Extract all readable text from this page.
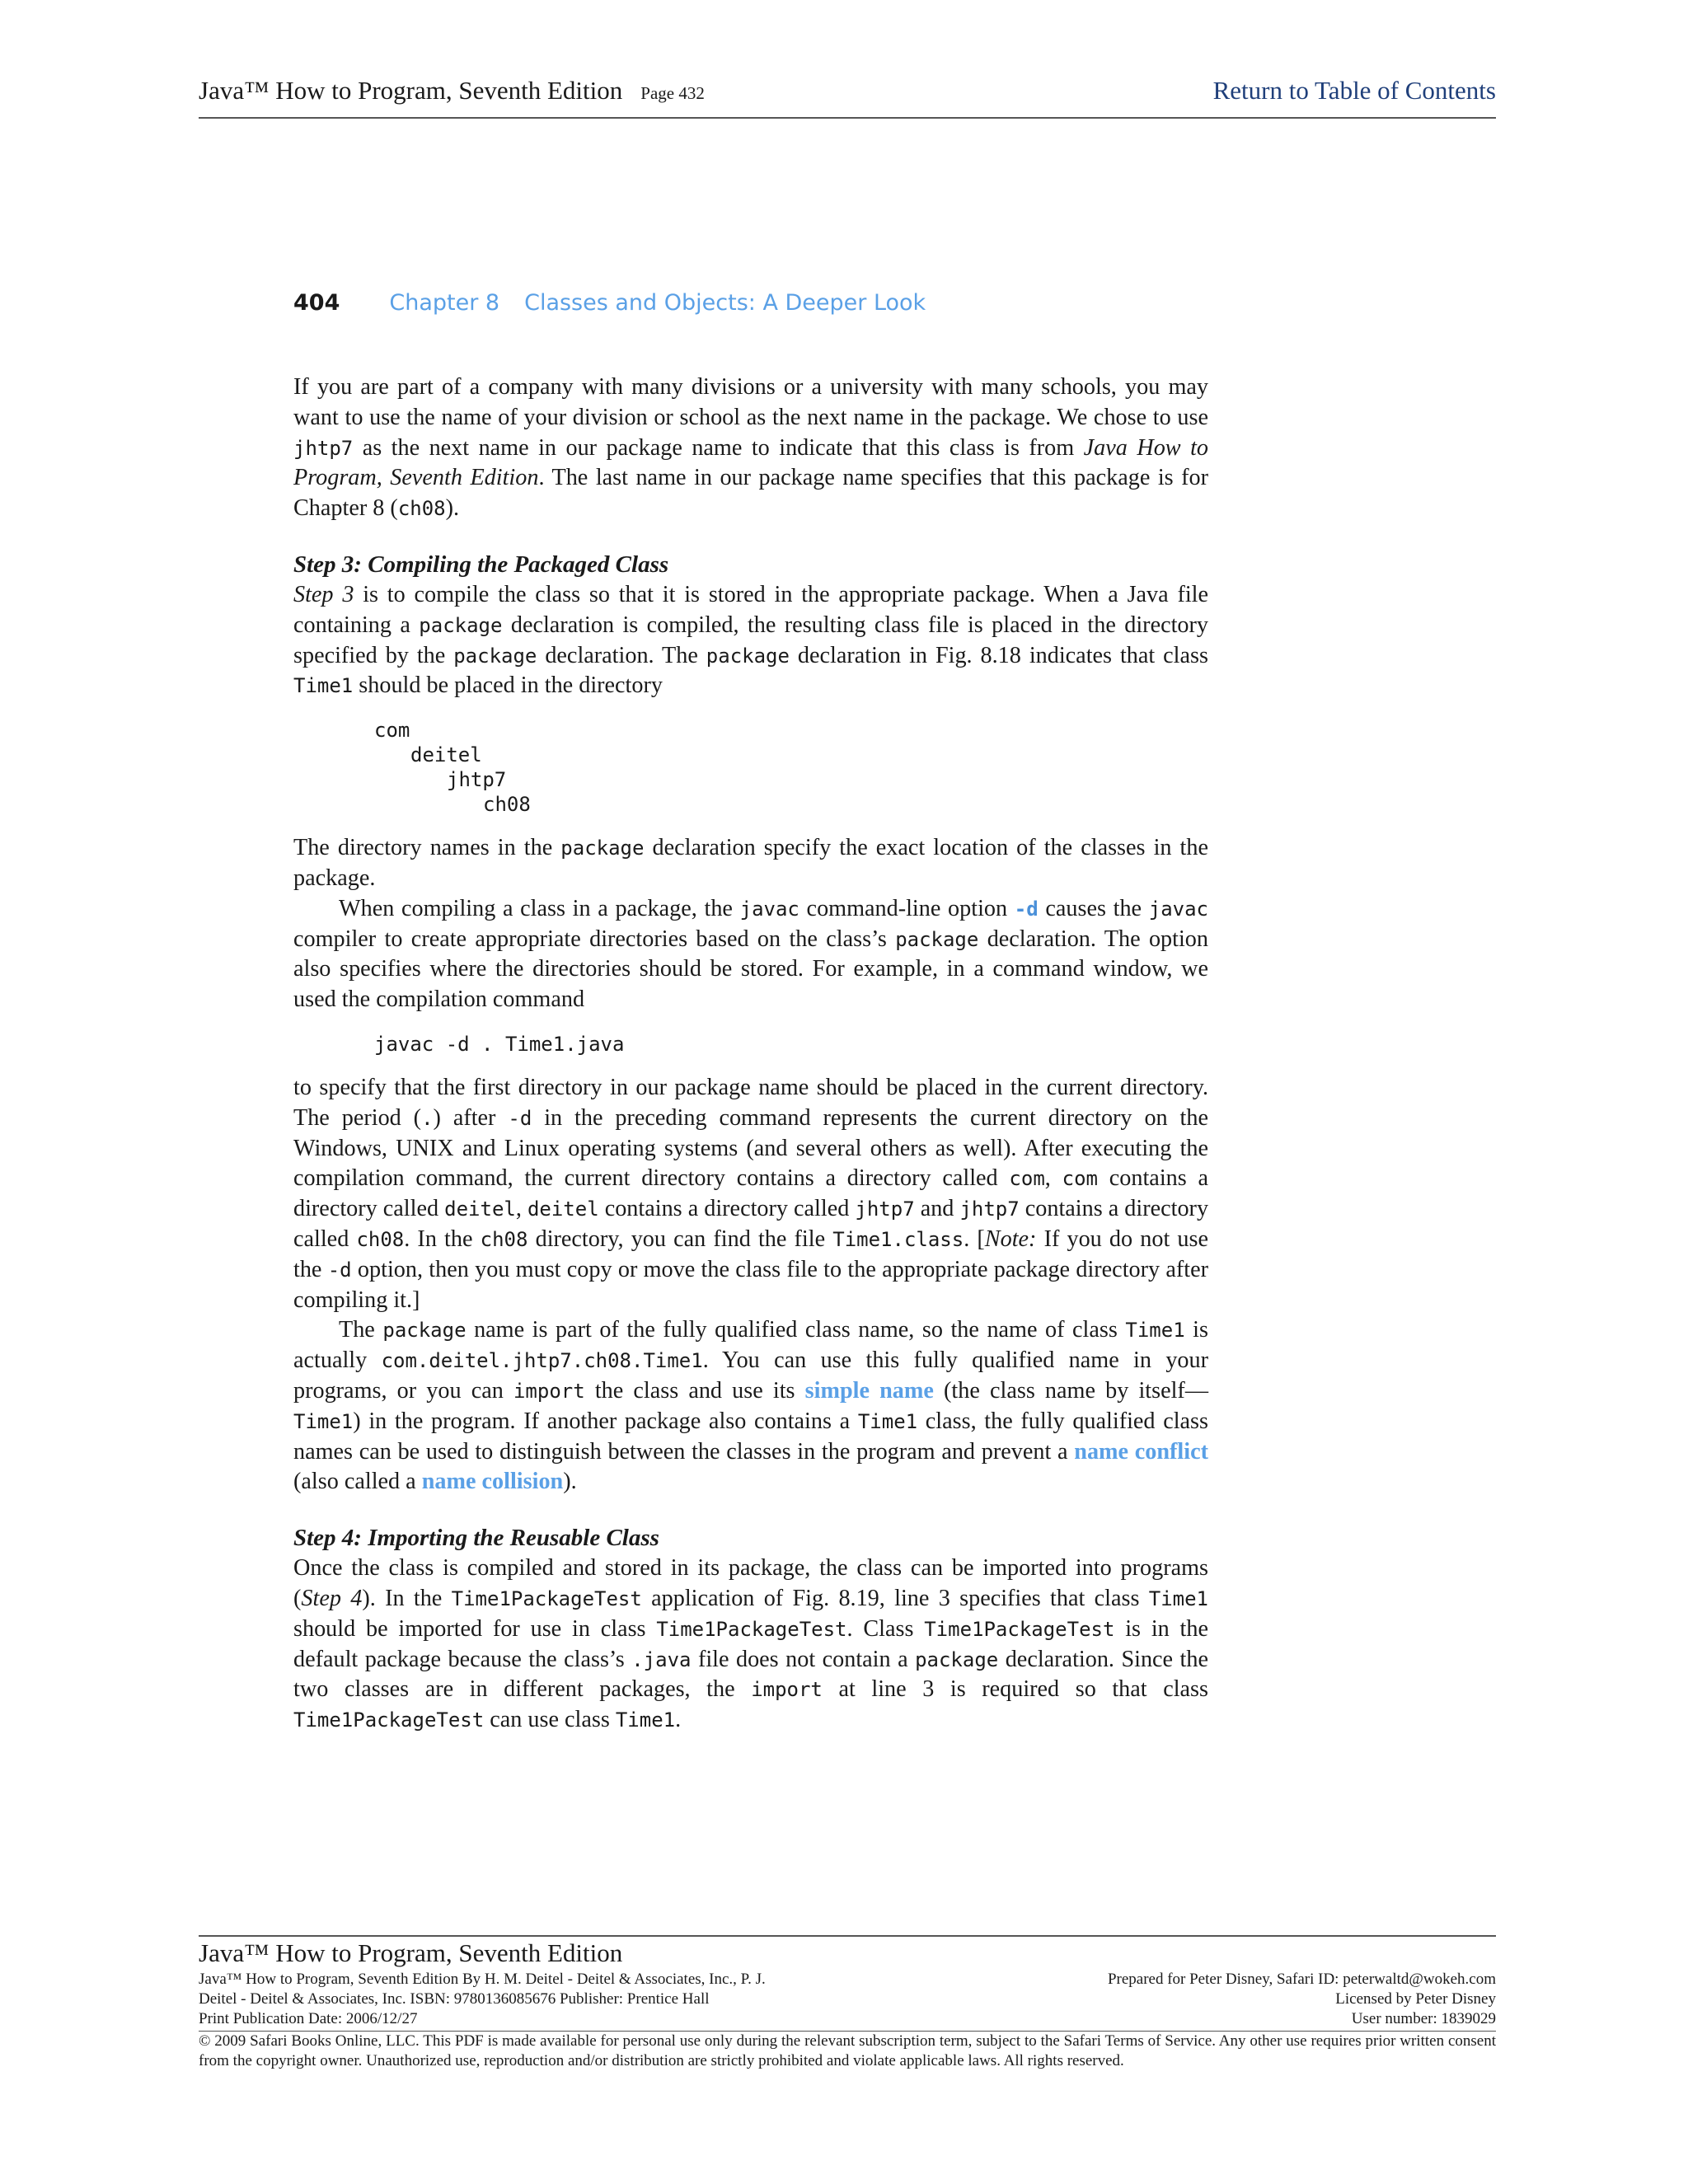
Java™ How to Program, Seventh Edition Page 432	Return to Table of Contents
404 Chapter 8 Classes and Objects: A Deeper Look

If you are part of a company with many divisions or a university with many schools, you may want to use the name of your division or school as the next name in the package. We chose to use jhtp7 as the next name in our package name to indicate that this class is from Java How to Program, Seventh Edition. The last name in our package name specifies that this package is for Chapter 8 (ch08).

Step 3: Compiling the Packaged Class

Step 3 is to compile the class so that it is stored in the appropriate package. When a Java file containing a package declaration is compiled, the resulting class file is placed in the directory specified by the package declaration. The package declaration in Fig. 8.18 indicates that class Time1 should be placed in the directory

com
deitel
jhtp7
ch08

The directory names in the package declaration specify the exact location of the classes in the package.

When compiling a class in a package, the javac command-line option -d causes the javac compiler to create appropriate directories based on the class’s package declaration. The option also specifies where the directories should be stored. For example, in a command window, we used the compilation command

javac -d . Time1.java

to specify that the first directory in our package name should be placed in the current directory. The period (.) after -d in the preceding command represents the current directory on the Windows, UNIX and Linux operating systems (and several others as well). After executing the compilation command, the current directory contains a directory called com, com contains a directory called deitel, deitel contains a directory called jhtp7 and jhtp7 contains a directory called ch08. In the ch08 directory, you can find the file Time1.class. [Note: If you do not use the -d option, then you must copy or move the class file to the appropriate package directory after compiling it.]

The package name is part of the fully qualified class name, so the name of class Time1 is actually com.deitel.jhtp7.ch08.Time1. You can use this fully qualified name in your programs, or you can import the class and use its simple name (the class name by itself—Time1) in the program. If another package also contains a Time1 class, the fully qualified class names can be used to distinguish between the classes in the program and prevent a name conflict (also called a name collision).

Step 4: Importing the Reusable Class

Once the class is compiled and stored in its package, the class can be imported into programs (Step 4). In the Time1PackageTest application of Fig. 8.19, line 3 specifies that class Time1 should be imported for use in class Time1PackageTest. Class Time1PackageTest is in the default package because the class’s .java file does not contain a package declaration. Since the two classes are in different packages, the import at line 3 is required so that class Time1PackageTest can use class Time1.

Java™ How to Program, Seventh Edition
Java™ How to Program, Seventh Edition By H. M. Deitel - Deitel & Associates, Inc., P. J.
Deitel - Deitel & Associates, Inc. ISBN: 9780136085676 Publisher: Prentice Hall
Print Publication Date: 2006/12/27
Prepared for Peter Disney, Safari ID: peterwaltd@wokeh.com
Licensed by Peter Disney
User number: 1839029
© 2009 Safari Books Online, LLC. This PDF is made available for personal use only during the relevant subscription term, subject to the Safari Terms of Service. Any other use requires prior written consent from the copyright owner. Unauthorized use, reproduction and/or distribution are strictly prohibited and violate applicable laws. All rights reserved.
